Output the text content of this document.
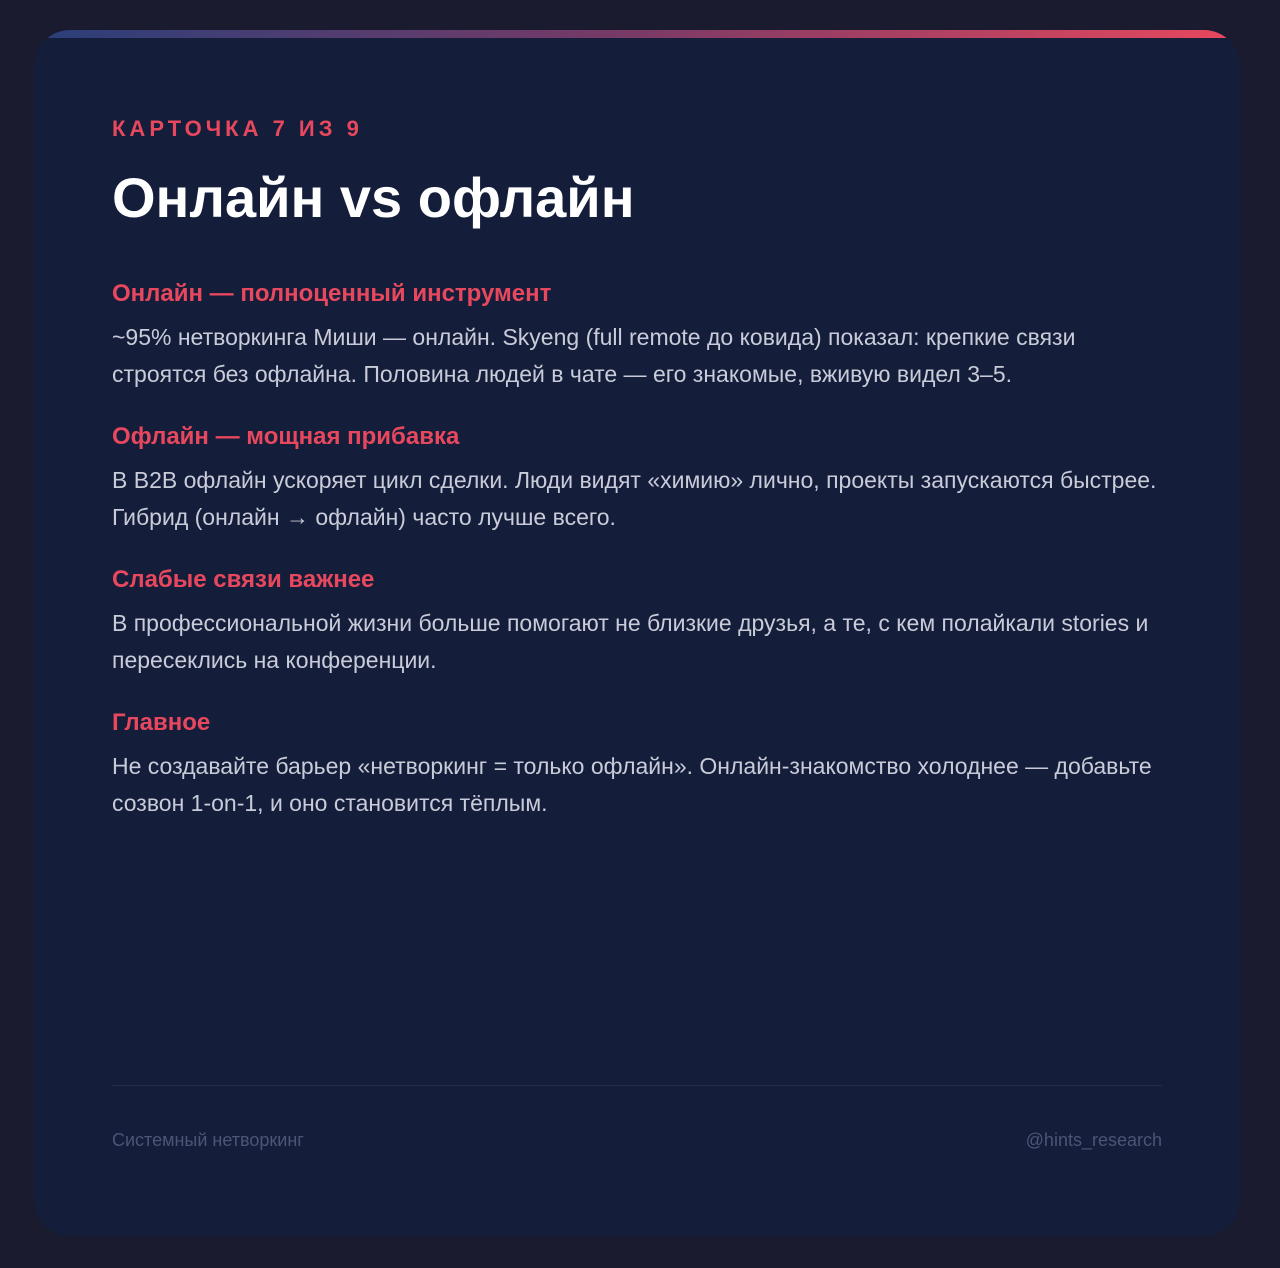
КАРТОЧКА 7 ИЗ 9
Онлайн vs офлайн

Онлайн — полноценный инструмент

~95% нетворкинга Миши — онлайн. Skyeng (full remote до ковида) показал: крепкие связи строятся без офлайна. Половина людей в чате — его знакомые, вживую видел 3–5.

Офлайн — мощная прибавка

В B2B офлайн ускоряет цикл сделки. Люди видят «химию» лично, проекты запускаются быстрее. Гибрид (онлайн → офлайн) часто лучше всего.

Слабые связи важнее

В профессиональной жизни больше помогают не близкие друзья, а те, с кем полайкали stories и пересеклись на конференции.

Главное

Не создавайте барьер «нетворкинг = только офлайн». Онлайн-знакомство холоднее — добавьте созвон 1-on-1, и оно становится тёплым.

Системный нетворкинг	@hints_research
